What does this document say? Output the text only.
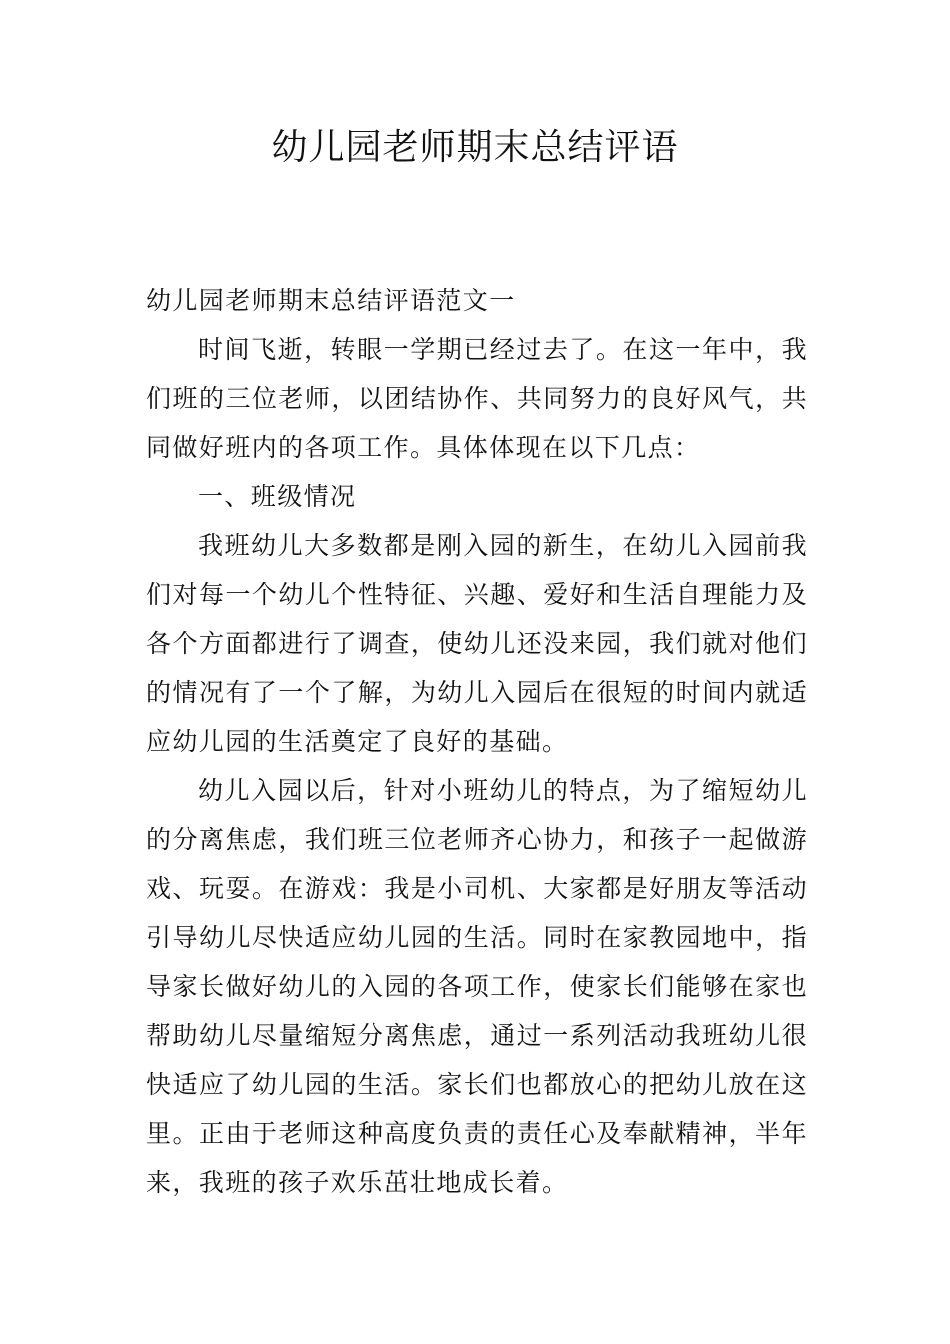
幼儿园老师期末总结评语

幼儿园老师期末总结评语范文一

时间飞逝，转眼一学期已经过去了。在这一年中，我们班的三位老师，以团结协作、共同努力的良好风气，共同做好班内的各项工作。具体体现在以下几点：

一、班级情况

我班幼儿大多数都是刚入园的新生，在幼儿入园前我们对每一个幼儿个性特征、兴趣、爱好和生活自理能力及各个方面都进行了调查，使幼儿还没来园，我们就对他们的情况有了一个了解，为幼儿入园后在很短的时间内就适应幼儿园的生活奠定了良好的基础。

幼儿入园以后，针对小班幼儿的特点，为了缩短幼儿的分离焦虑，我们班三位老师齐心协力，和孩子一起做游戏、玩耍。在游戏：我是小司机、大家都是好朋友等活动引导幼儿尽快适应幼儿园的生活。同时在家教园地中，指导家长做好幼儿的入园的各项工作，使家长们能够在家也帮助幼儿尽量缩短分离焦虑，通过一系列活动我班幼儿很快适应了幼儿园的生活。家长们也都放心的把幼儿放在这里。正由于老师这种高度负责的责任心及奉献精神，半年来，我班的孩子欢乐茁壮地成长着。
